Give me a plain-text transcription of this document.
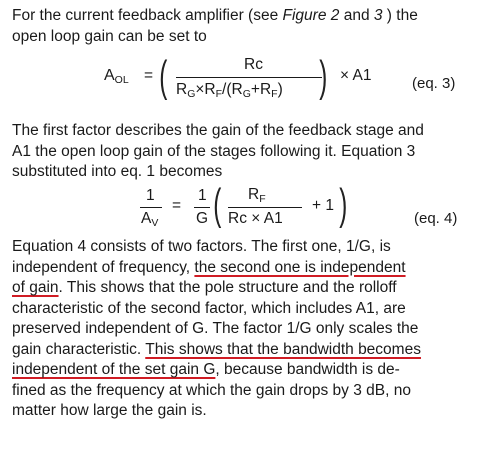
For the current feedback amplifier (see Figure 2 and 3 ) the
open loop gain can be set to
AOL = (	Rc
RG×RF/(RG+RF) ) × A1	(eq. 3)
The first factor describes the gain of the feedback stage and
A1 the open loop gain of the stages following it. Equation 3
substituted into eq. 1 becomes
1
AV
=
1
G ( RF
Rc × A1
+ 1 )	(eq. 4)
Equation 4 consists of two factors. The first one, 1/G, is
independent of frequency, the second one is independent
of gain. This shows that the pole structure and the rolloff
characteristic of the second factor, which includes A1, are
preserved independent of G. The factor 1/G only scales the
gain characteristic. This shows that the bandwidth becomes
independent of the set gain G, because bandwidth is de-
fined as the frequency at which the gain drops by 3 dB, no
matter how large the gain is.
